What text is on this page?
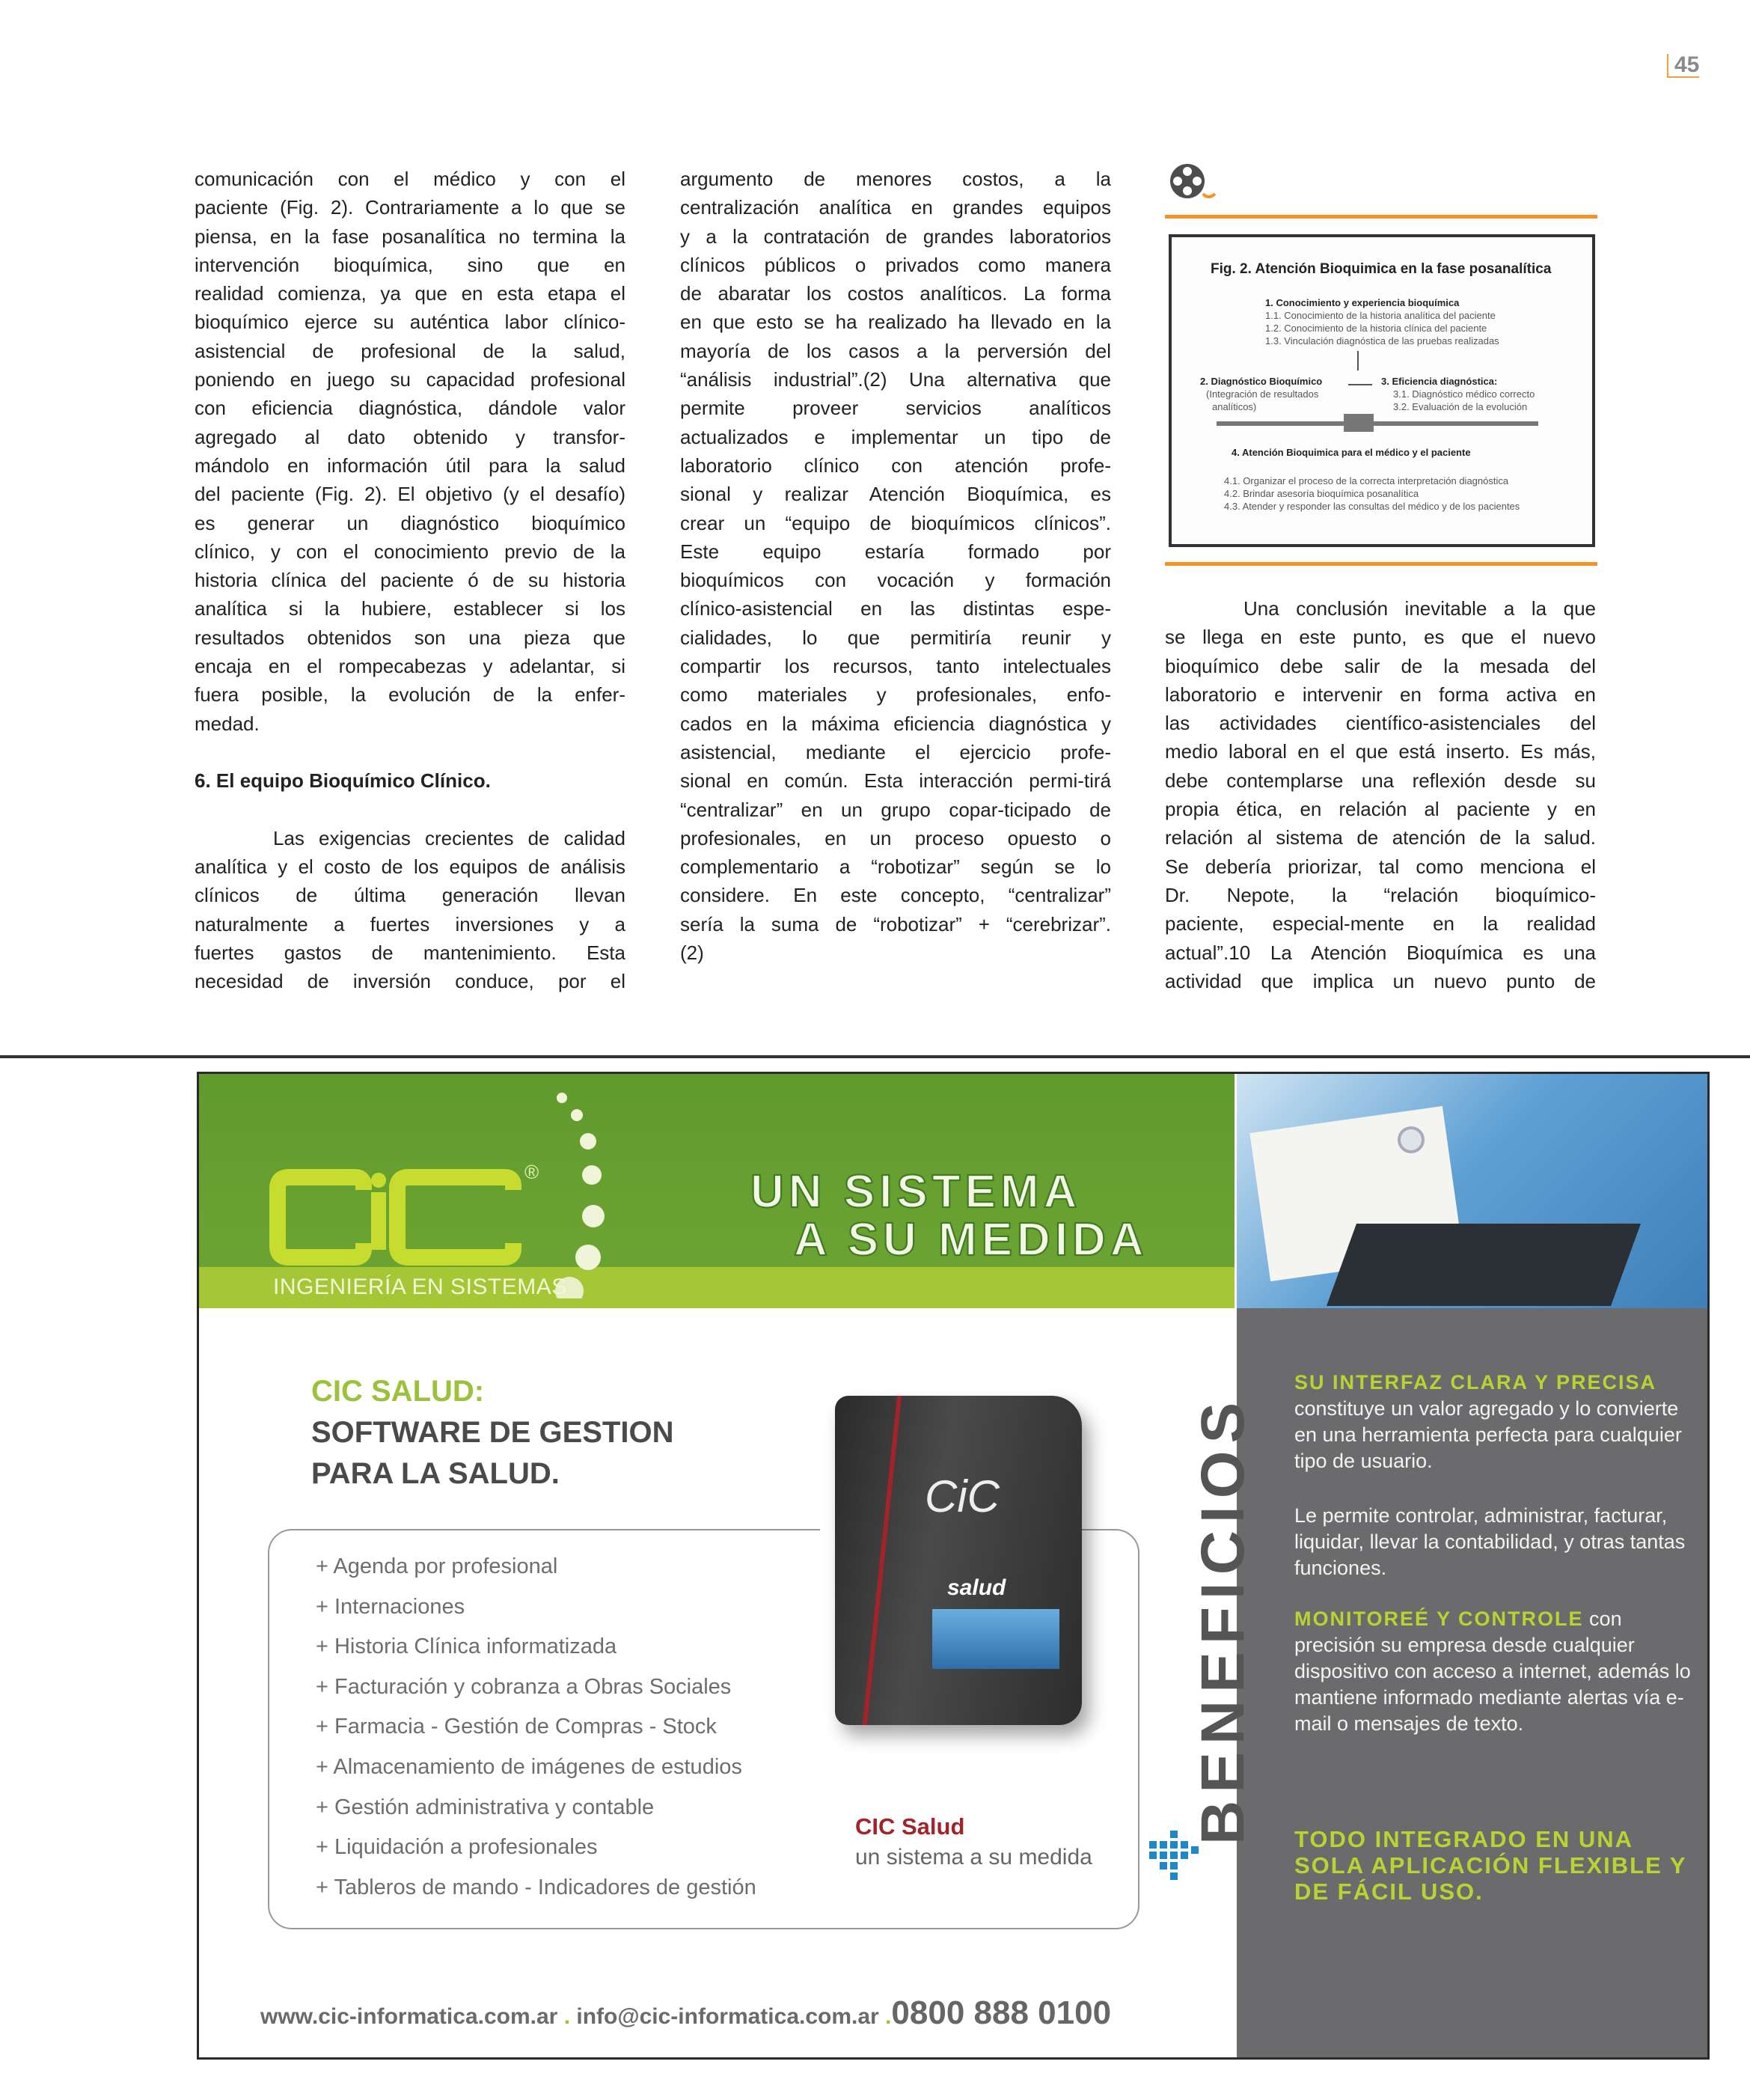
45
comunicación con el médico y con el
paciente (Fig. 2). Contrariamente a lo que se
piensa, en la fase posanalítica no termina la
intervención bioquímica, sino que en
realidad comienza, ya que en esta etapa el
bioquímico ejerce su auténtica labor clínico-
asistencial de profesional de la salud,
poniendo en juego su capacidad profesional
con eficiencia diagnóstica, dándole valor
agregado al dato obtenido y transfor-
mándolo en información útil para la salud
del paciente (Fig. 2). El objetivo (y el desafío)
es generar un diagnóstico bioquímico
clínico, y con el conocimiento previo de la
historia clínica del paciente ó de su historia
analítica si la hubiere, establecer si los
resultados obtenidos son una pieza que
encaja en el rompecabezas y adelantar, si
fuera posible, la evolución de la enfer-
medad.
6. El equipo Bioquímico Clínico.
Las exigencias crecientes de calidad
analítica y el costo de los equipos de análisis
clínicos de última generación llevan
naturalmente a fuertes inversiones y a
fuertes gastos de mantenimiento. Esta
necesidad de inversión conduce, por el
argumento de menores costos, a la
centralización analítica en grandes equipos
y a la contratación de grandes laboratorios
clínicos públicos o privados como manera
de abaratar los costos analíticos. La forma
en que esto se ha realizado ha llevado en la
mayoría de los casos a la perversión del
“análisis industrial”.(2) Una alternativa que
permite proveer servicios analíticos
actualizados e implementar un tipo de
laboratorio clínico con atención profe-
sional y realizar Atención Bioquímica, es
crear un “equipo de bioquímicos clínicos”.
Este equipo estaría formado por
bioquímicos con vocación y formación
clínico-asistencial en las distintas espe-
cialidades, lo que permitiría reunir y
compartir los recursos, tanto intelectuales
como materiales y profesionales, enfo-
cados en la máxima eficiencia diagnóstica y
asistencial, mediante el ejercicio profe-
sional en común. Esta interacción permi-tirá
“centralizar” en un grupo copar-ticipado de
profesionales, en un proceso opuesto o
complementario a “robotizar” según se lo
considere. En este concepto, “centralizar”
sería la suma de “robotizar” + “cerebrizar”.
(2)
Una conclusión inevitable a la que
se llega en este punto, es que el nuevo
bioquímico debe salir de la mesada del
laboratorio e intervenir en forma activa en
las actividades científico-asistenciales del
medio laboral en el que está inserto. Es más,
debe contemplarse una reflexión desde su
propia ética, en relación al paciente y en
relación al sistema de atención de la salud.
Se debería priorizar, tal como menciona el
Dr. Nepote, la “relación bioquímico-
paciente, especial-mente en la realidad
actual”.10 La Atención Bioquímica es una
actividad que implica un nuevo punto de
Fig. 2. Atención Bioquimica en la fase posanalítica
1. Conocimiento y experiencia bioquímica
1.1. Conocimiento de la historia analítica del paciente
1.2. Conocimiento de la historia clínica del paciente
1.3. Vinculación diagnóstica de las pruebas realizadas
2. Diagnóstico Bioquímico
(Integración de resultados
analíticos)
3. Eficiencia diagnóstica:
3.1. Diagnóstico médico correcto
3.2. Evaluación de la evolución
4. Atención Bioquimica para el médico y el paciente
4.1. Organizar el proceso de la correcta interpretación diagnóstica
4.2. Brindar asesoría bioquímica posanalítica
4.3. Atender y responder las consultas del médico y de los pacientes
®
INGENIERÍA EN SISTEMAS
UN SISTEMA
A SU MEDIDA
SU INTERFAZ CLARA Y PRECISA constituye un valor agregado y lo convierte en una herramienta perfecta para cualquier tipo de usuario.
Le permite controlar, administrar, facturar, liquidar, llevar la contabilidad, y otras tantas funciones.
MONITOREÉ Y CONTROLE con precisión su empresa desde cualquier dispositivo con acceso a internet, además lo mantiene informado mediante alertas vía e-mail o mensajes de texto.
TODO INTEGRADO EN UNA SOLA APLICACIÓN FLEXIBLE Y DE FÁCIL USO.
CIC SALUD:
SOFTWARE DE GESTION
PARA LA SALUD.
+ Agenda por profesional
+ Internaciones
+ Historia Clínica informatizada
+ Facturación y cobranza a Obras Sociales
+ Farmacia - Gestión de Compras - Stock
+ Almacenamiento de imágenes de estudios
+ Gestión administrativa y contable
+ Liquidación a profesionales
+ Tableros de mando - Indicadores de gestión
CiC
salud
CIC Salud
un sistema a su medida
BENEFICIOS
www.cic-informatica.com.ar . info@cic-informatica.com.ar .0800 888 0100
